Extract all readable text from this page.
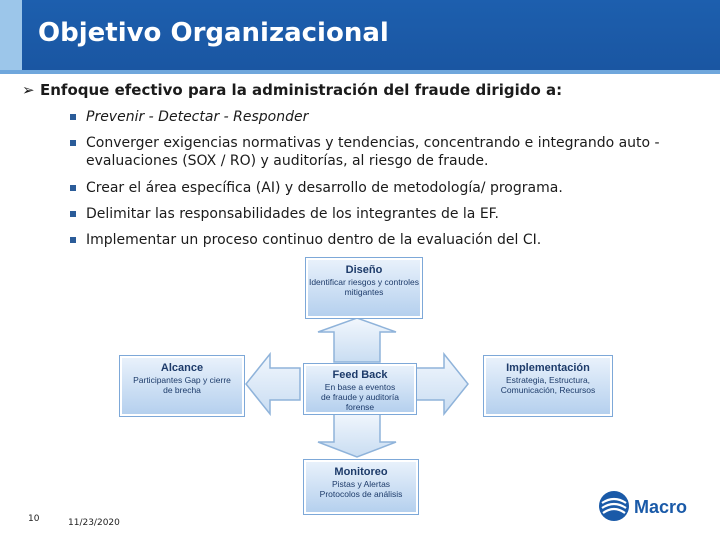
Objetivo Organizacional
➢ Enfoque efectivo para la administración del fraude dirigido a:
Prevenir - Detectar - Responder
Converger exigencias normativas y tendencias, concentrando e integrando auto - evaluaciones (SOX / RO) y auditorías, al riesgo de fraude.
Crear el área específica (AI) y desarrollo de metodología/ programa.
Delimitar las responsabilidades de los integrantes de la EF.
Implementar un proceso continuo dentro de la evaluación del CI.
Diseño
Identificar riesgos y controles mitigantes
Alcance
Participantes Gap y cierre de brecha
Feed Back
En base a eventos de fraude y auditoría forense
Implementación
Estrategia, Estructura, Comunicación, Recursos
Monitoreo
Pistas y Alertas Protocolos de análisis
10	11/23/2020
Macro
